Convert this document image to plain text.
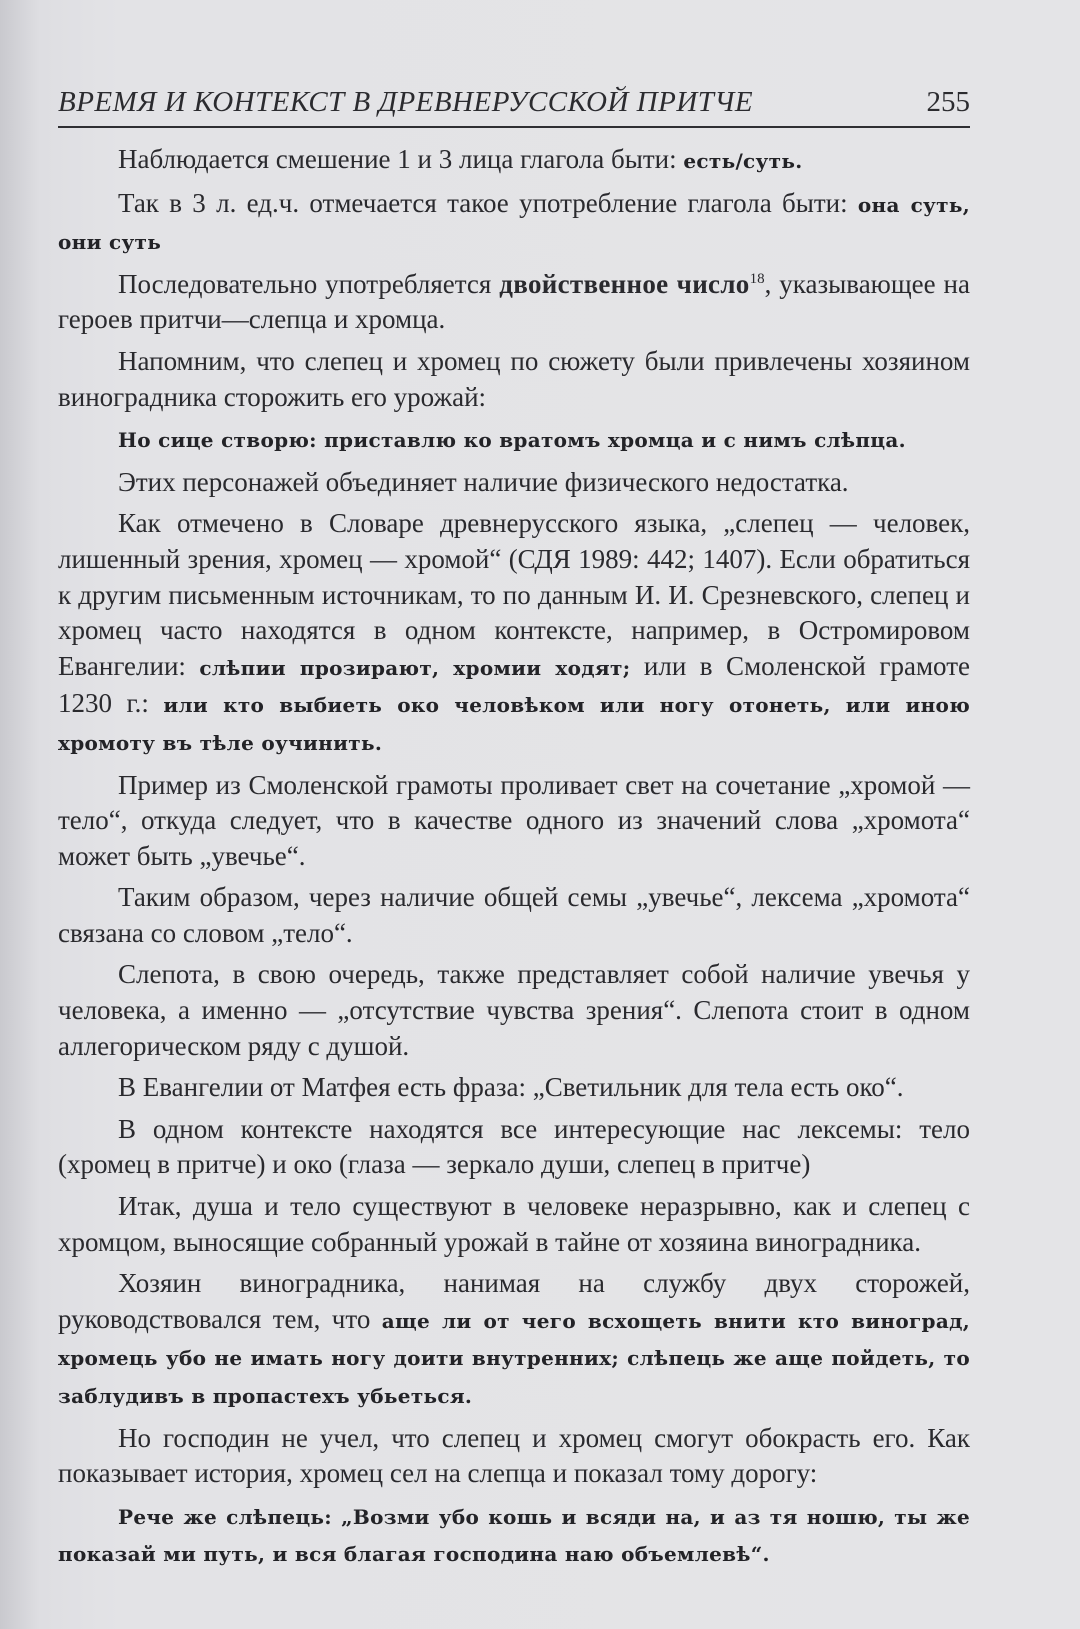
ВРЕМЯ И КОНТЕКСТ В ДРЕВНЕРУССКОЙ ПРИТЧЕ	255

Наблюдается смешение 1 и 3 лица глагола быти: есть/суть.

Так в 3 л. ед.ч. отмечается такое употребление глагола быти: она суть, они суть

Последовательно употребляется двойственное число$^{18}$, указывающее на героев притчи—слепца и хромца.

Напомним, что слепец и хромец по сюжету были привлечены хозяином виноградника сторожить его урожай:

Но сице створю: приставлю ко вратомъ хромца и с нимъ слѣпца.

Этих персонажей объединяет наличие физического недостатка.

Как отмечено в Словаре древнерусского языка, „слепец — человек, лишенный зрения, хромец — хромой“ (СДЯ 1989: 442; 1407). Если обратиться к другим письменным источникам, то по данным И. И. Срезневского, слепец и хромец часто находятся в одном контексте, например, в Остромировом Евангелии: слѣпии прозирают, хромии ходят; или в Смоленской грамоте 1230 г.: или кто выбиеть око человѣком или ногу отонеть, или иною хромоту въ тѣле оучинить.

Пример из Смоленской грамоты проливает свет на сочетание „хромой — тело“, откуда следует, что в качестве одного из значений слова „хромота“ может быть „увечье“.

Таким образом, через наличие общей семы „увечье“, лексема „хромота“ связана со словом „тело“.

Слепота, в свою очередь, также представляет собой наличие увечья у человека, а именно — „отсутствие чувства зрения“. Слепота стоит в одном аллегорическом ряду с душой.

В Евангелии от Матфея есть фраза: „Светильник для тела есть око“.

В одном контексте находятся все интересующие нас лексемы: тело (хромец в притче) и око (глаза — зеркало души, слепец в притче)

Итак, душа и тело существуют в человеке неразрывно, как и слепец с хромцом, выносящие собранный урожай в тайне от хозяина виноградника.

Хозяин виноградника, нанимая на службу двух сторожей, руководствовался тем, что аще ли от чего всхощеть внити кто виноград, хромець убо не имать ногу доити внутренних; слѣпець же аще пойдеть, то заблудивъ в пропастехъ убьеться.

Но господин не учел, что слепец и хромец смогут обокрасть его. Как показывает история, хромец сел на слепца и показал тому дорогу:

Рече же слѣпець: „Возми убо кошь и всяди на, и аз тя ношю, ты же показай ми путь, и вся благая господина наю объемлевѣ“.
